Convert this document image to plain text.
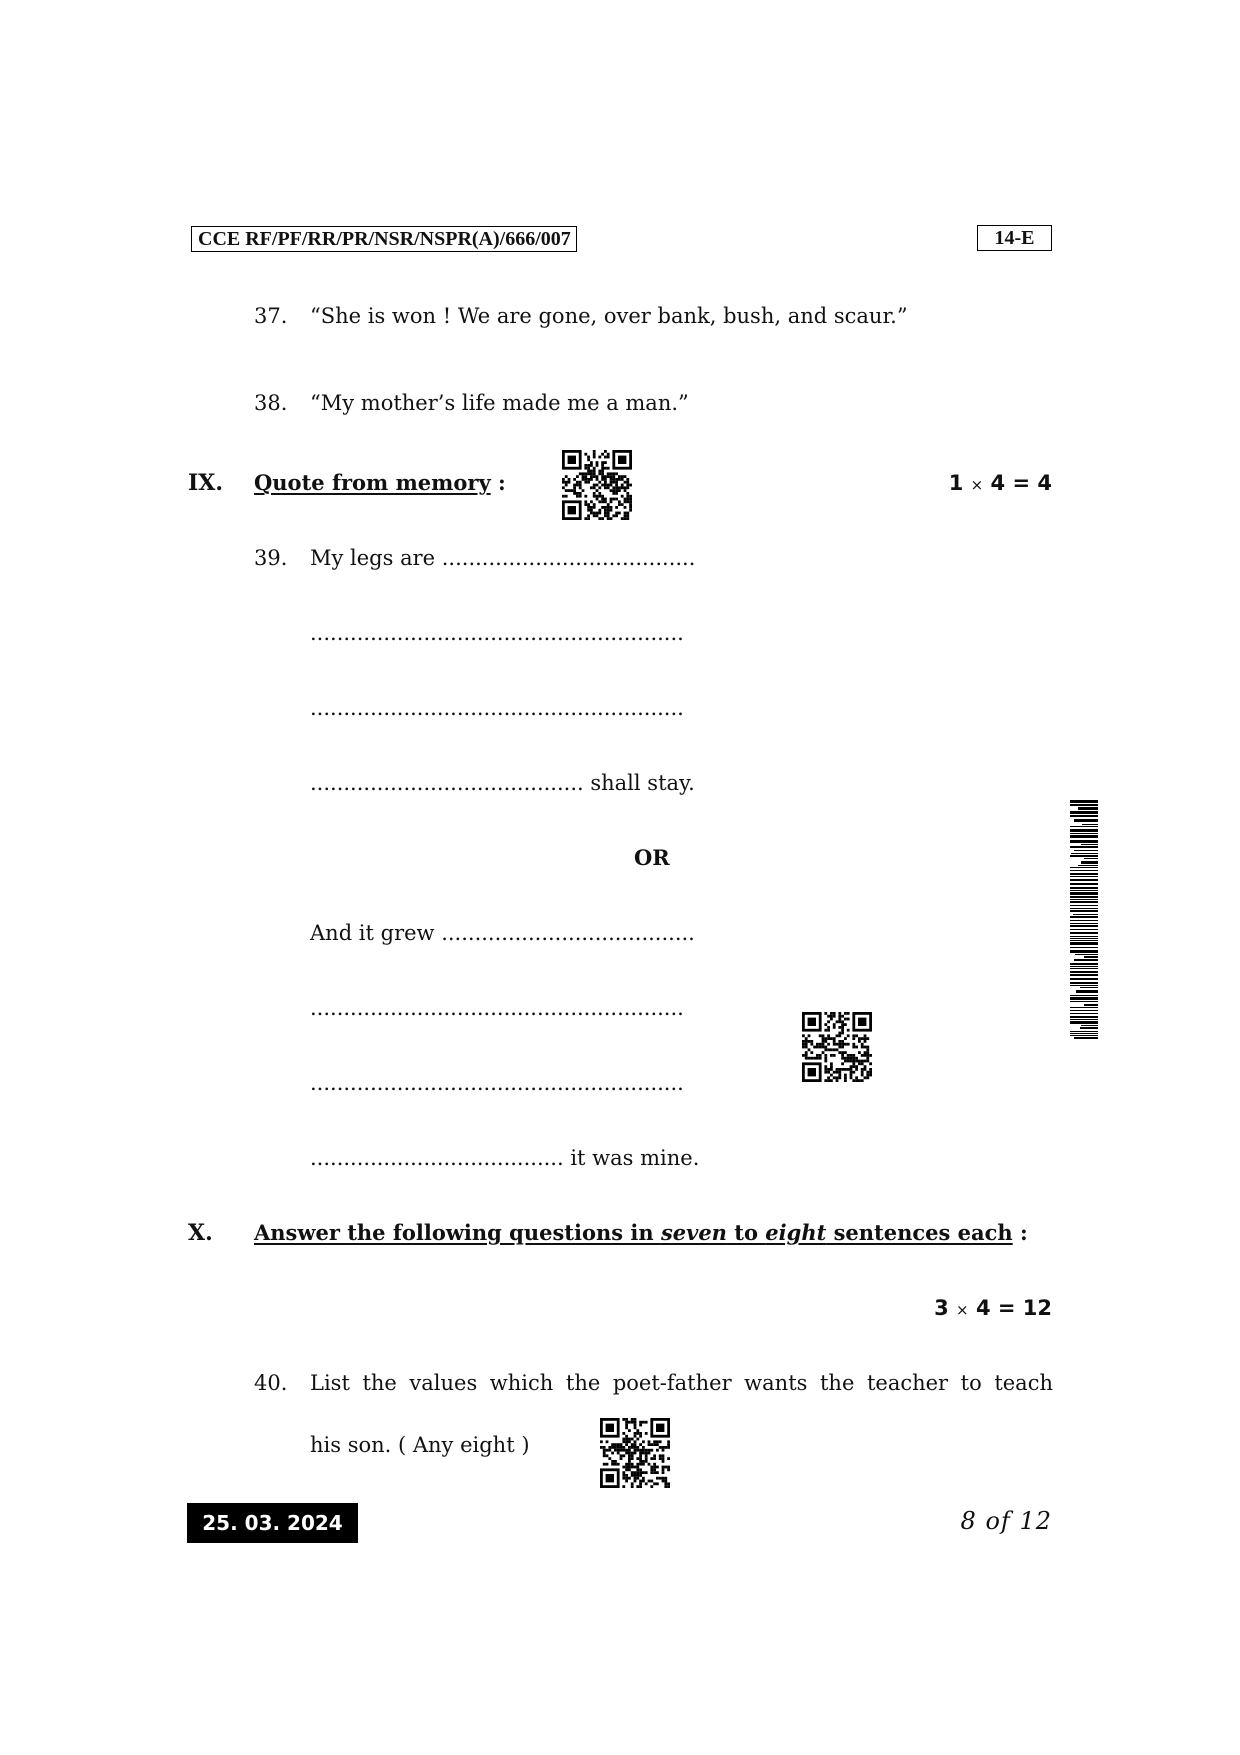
CCE RF/PF/RR/PR/NSR/NSPR(A)/666/007	14-E
37. “She is won ! We are gone, over bank, bush, and scaur.”
38. “My mother’s life made me a man.”
IX. Quote from memory :	1 × 4 = 4
39. My legs are ......................................
........................................................
........................................................
......................................... shall stay.
OR
And it grew ......................................
........................................................
........................................................
...................................... it was mine.
X. Answer the following questions in seven to eight sentences each :
3 × 4 = 12
40. List the values which the poet-father wants the teacher to teach
his son. ( Any eight )
25. 03. 2024	8 of 12
